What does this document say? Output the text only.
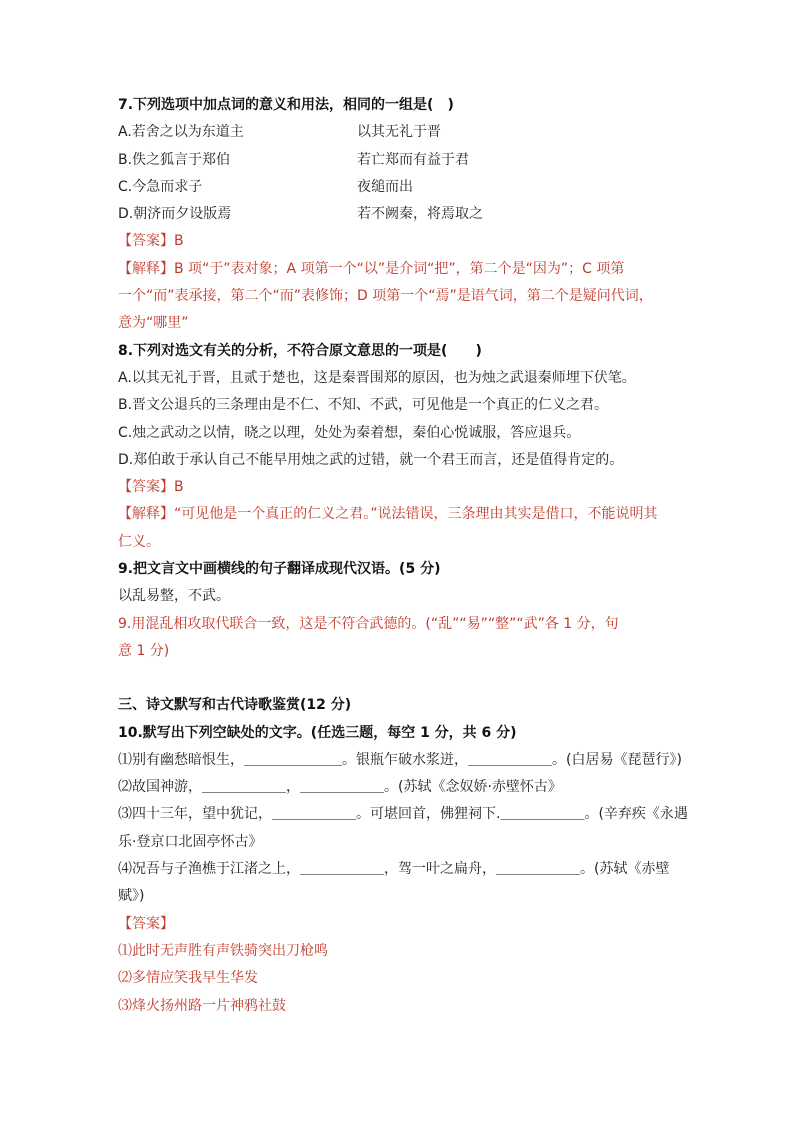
7.下列选项中加点词的意义和用法，相同的一组是(　)
A.若舍之以为东道主	以其无礼于晋
B.佚之狐言于郑伯	若亡郑而有益于君
C.今急而求子	夜缒而出
D.朝济而夕设版焉	若不阙秦，将焉取之
【答案】B
【解释】B 项“于”表对象；A 项第一个“以”是介词“把”，第二个是“因为”；C 项第
一个“而”表承接，第二个“而”表修饰；D 项第一个“焉”是语气词，第二个是疑问代词，
意为“哪里”
8.下列对选文有关的分析，不符合原文意思的一项是(　　)
A.以其无礼于晋，且贰于楚也，这是秦晋围郑的原因，也为烛之武退秦师埋下伏笔。
B.晋文公退兵的三条理由是不仁、不知、不武，可见他是一个真正的仁义之君。
C.烛之武动之以情，晓之以理，处处为秦着想，秦伯心悦诚服，答应退兵。
D.郑伯敢于承认自己不能早用烛之武的过错，就一个君王而言，还是值得肯定的。
【答案】B
【解释】“可见他是一个真正的仁义之君。”说法错误，三条理由其实是借口，不能说明其
仁义。
9.把文言文中画横线的句子翻译成现代汉语。(5 分)
以乱易整，不武。
9.用混乱相攻取代联合一致，这是不符合武德的。(“乱”“易”“整”“武”各 1 分，句
意 1 分)
三、诗文默写和古代诗歌鉴赏(12 分)
10.默写出下列空缺处的文字。(任选三题，每空 1 分，共 6 分)
⑴别有幽愁暗恨生，＿＿＿＿＿＿＿。银瓶乍破水浆迸，＿＿＿＿＿＿。(白居易《琵琶行》)
⑵故国神游，＿＿＿＿＿＿，＿＿＿＿＿＿。(苏轼《念奴娇·赤壁怀古》
⑶四十三年，望中犹记，＿＿＿＿＿＿。可堪回首，佛狸祠下.＿＿＿＿＿＿。(辛弃疾《永遇
乐·登京口北固亭怀古》
⑷况吾与子渔樵于江渚之上，＿＿＿＿＿＿，驾一叶之扁舟，＿＿＿＿＿＿。(苏轼《赤壁
赋》)
【答案】
⑴此时无声胜有声铁骑突出刀枪鸣
⑵多情应笑我早生华发
⑶烽火扬州路一片神鸦社鼓
